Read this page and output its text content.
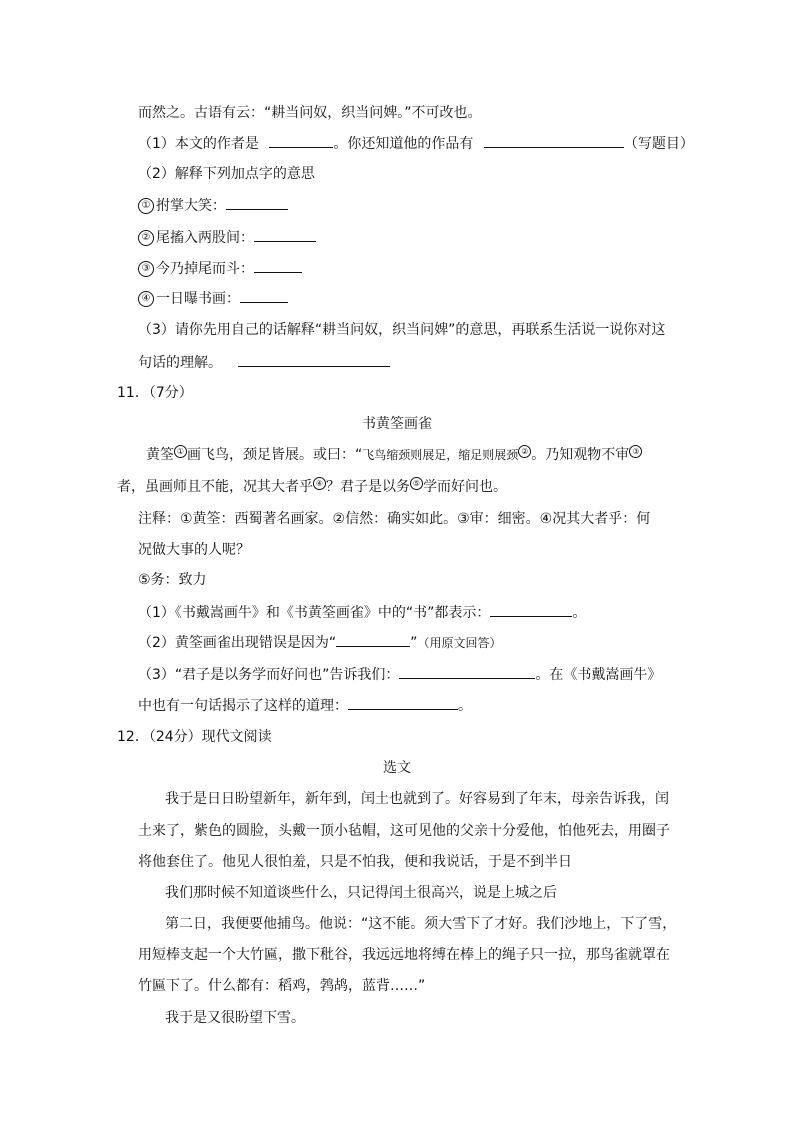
而然之。古语有云：“耕当问奴，织当问婢。”不可改也。
（1）本文的作者是	。你还知道他的作品有	（写题目）
（2）解释下列加点字的意思
① 拊掌大笑：
② 尾搐入两股间：
③ 今乃掉尾而斗：
④ 一日曝书画：
（3）请你先用自己的话解释“耕当问奴，织当问婢”的意思，再联系生活说一说你对这
句话的理解。
11．（7分）
书黄筌画雀
黄筌 ① 画飞鸟，颈足皆展。或曰：“飞鸟缩颈则展足，缩足则展颈 ② 。乃知观物不审 ③
者，虽画师且不能，况其大者乎 ④ ？君子是以务 ⑤ 学而好问也。
注释：①黄筌：西蜀著名画家。②信然：确实如此。③审：细密。④况其大者乎：何
况做大事的人呢？
⑤务：致力
（1）《书戴嵩画牛》和《书黄筌画雀》中的“书”都表示：	。
（2）黄筌画雀出现错误是因为“	”（用原文回答）
（3）“君子是以务学而好问也”告诉我们：	。在《书戴嵩画牛》
中也有一句话揭示了这样的道理：	。
12．（24分）现代文阅读
选文
我于是日日盼望新年，新年到，闰土也就到了。好容易到了年末，母亲告诉我，闰
土来了，紫色的圆脸，头戴一顶小毡帽，这可见他的父亲十分爱他，怕他死去，用圈子
将他套住了。他见人很怕羞，只是不怕我，便和我说话，于是不到半日
我们那时候不知道谈些什么，只记得闰土很高兴，说是上城之后
第二日，我便要他捕鸟。他说：“这不能。须大雪下了才好。我们沙地上，下了雪，
用短棒支起一个大竹匾，撒下秕谷，我远远地将缚在棒上的绳子只一拉，那鸟雀就罩在
竹匾下了。什么都有：稻鸡，鹁鸪，蓝背……”
我于是又很盼望下雪。
